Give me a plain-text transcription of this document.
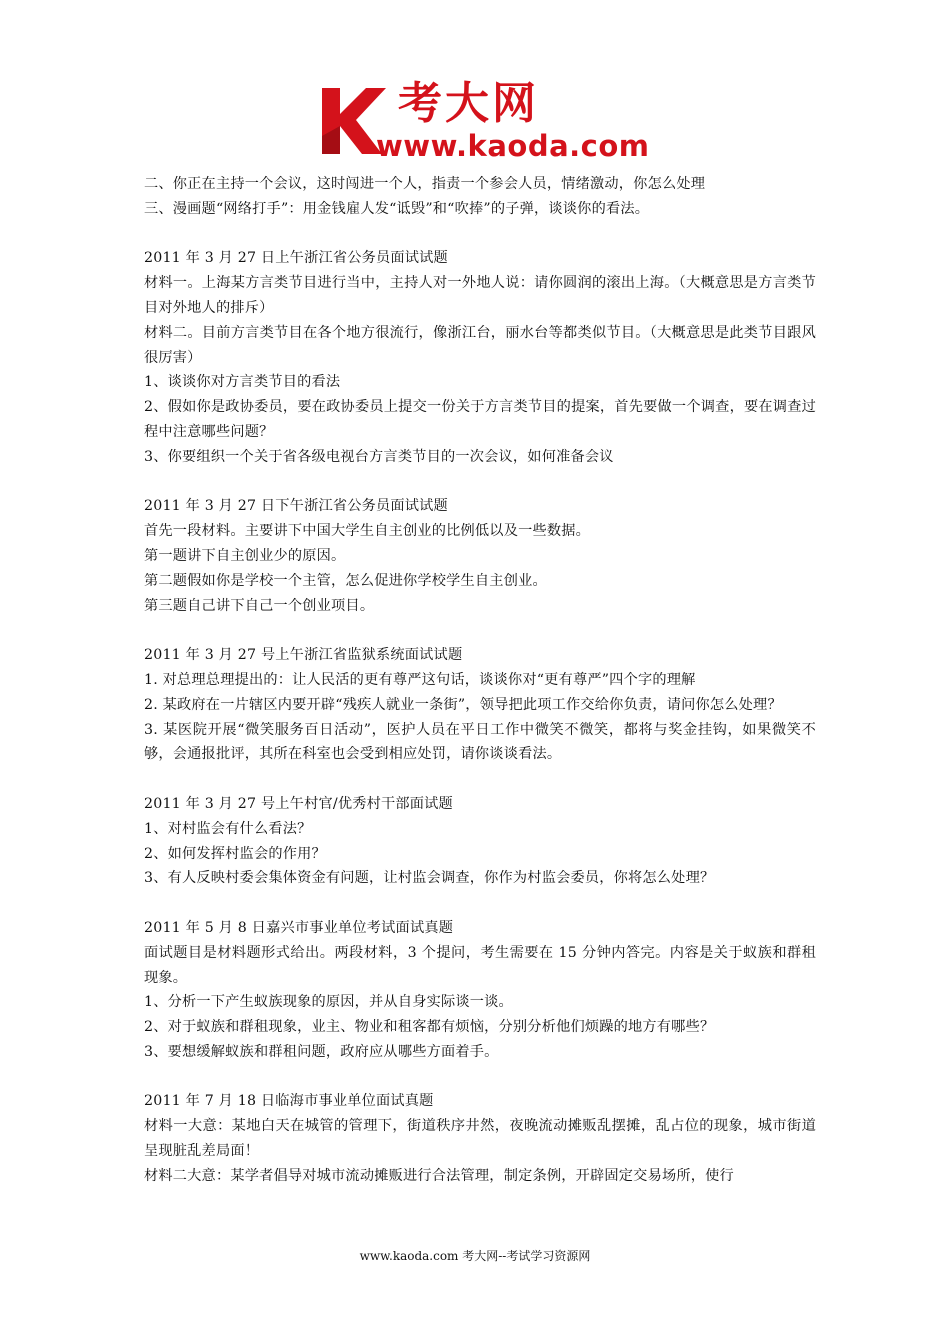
考大网
www.kaoda.com

二、你正在主持一个会议，这时闯进一个人，指责一个参会人员，情绪激动，你怎么处理

三、漫画题“网络打手”：用金钱雇人发“诋毁”和“吹捧”的子弹，谈谈你的看法。

2011 年 3 月 27 日上午浙江省公务员面试试题

材料一。上海某方言类节目进行当中，主持人对一外地人说：请你圆润的滚出上海。（大概意思是方言类节目对外地人的排斥）

材料二。目前方言类节目在各个地方很流行，像浙江台，丽水台等都类似节目。（大概意思是此类节目跟风很厉害）

1、谈谈你对方言类节目的看法

2、假如你是政协委员，要在政协委员上提交一份关于方言类节目的提案，首先要做一个调查，要在调查过程中注意哪些问题？

3、你要组织一个关于省各级电视台方言类节目的一次会议，如何准备会议

2011 年 3 月 27 日下午浙江省公务员面试试题

首先一段材料。主要讲下中国大学生自主创业的比例低以及一些数据。

第一题讲下自主创业少的原因。

第二题假如你是学校一个主管，怎么促进你学校学生自主创业。

第三题自己讲下自己一个创业项目。

2011 年 3 月 27 号上午浙江省监狱系统面试试题

1. 对总理总理提出的：让人民活的更有尊严这句话，谈谈你对“更有尊严”四个字的理解

2. 某政府在一片辖区内要开辟“残疾人就业一条街”，领导把此项工作交给你负责，请问你怎么处理？

3. 某医院开展“微笑服务百日活动”，医护人员在平日工作中微笑不微笑，都将与奖金挂钩，如果微笑不够，会通报批评，其所在科室也会受到相应处罚，请你谈谈看法。

2011 年 3 月 27 号上午村官/优秀村干部面试题

1、对村监会有什么看法？

2、如何发挥村监会的作用？

3、有人反映村委会集体资金有问题，让村监会调查，你作为村监会委员，你将怎么处理？

2011 年 5 月 8 日嘉兴市事业单位考试面试真题

面试题目是材料题形式给出。两段材料，3 个提问，考生需要在 15 分钟内答完。内容是关于蚁族和群租现象。

1、分析一下产生蚁族现象的原因，并从自身实际谈一谈。

2、对于蚁族和群租现象，业主、物业和租客都有烦恼，分别分析他们烦躁的地方有哪些？

3、要想缓解蚁族和群租问题，政府应从哪些方面着手。

2011 年 7 月 18 日临海市事业单位面试真题

材料一大意：某地白天在城管的管理下，街道秩序井然，夜晚流动摊贩乱摆摊，乱占位的现象，城市街道呈现脏乱差局面！

材料二大意：某学者倡导对城市流动摊贩进行合法管理，制定条例，开辟固定交易场所，使行

www.kaoda.com 考大网--考试学习资源网
